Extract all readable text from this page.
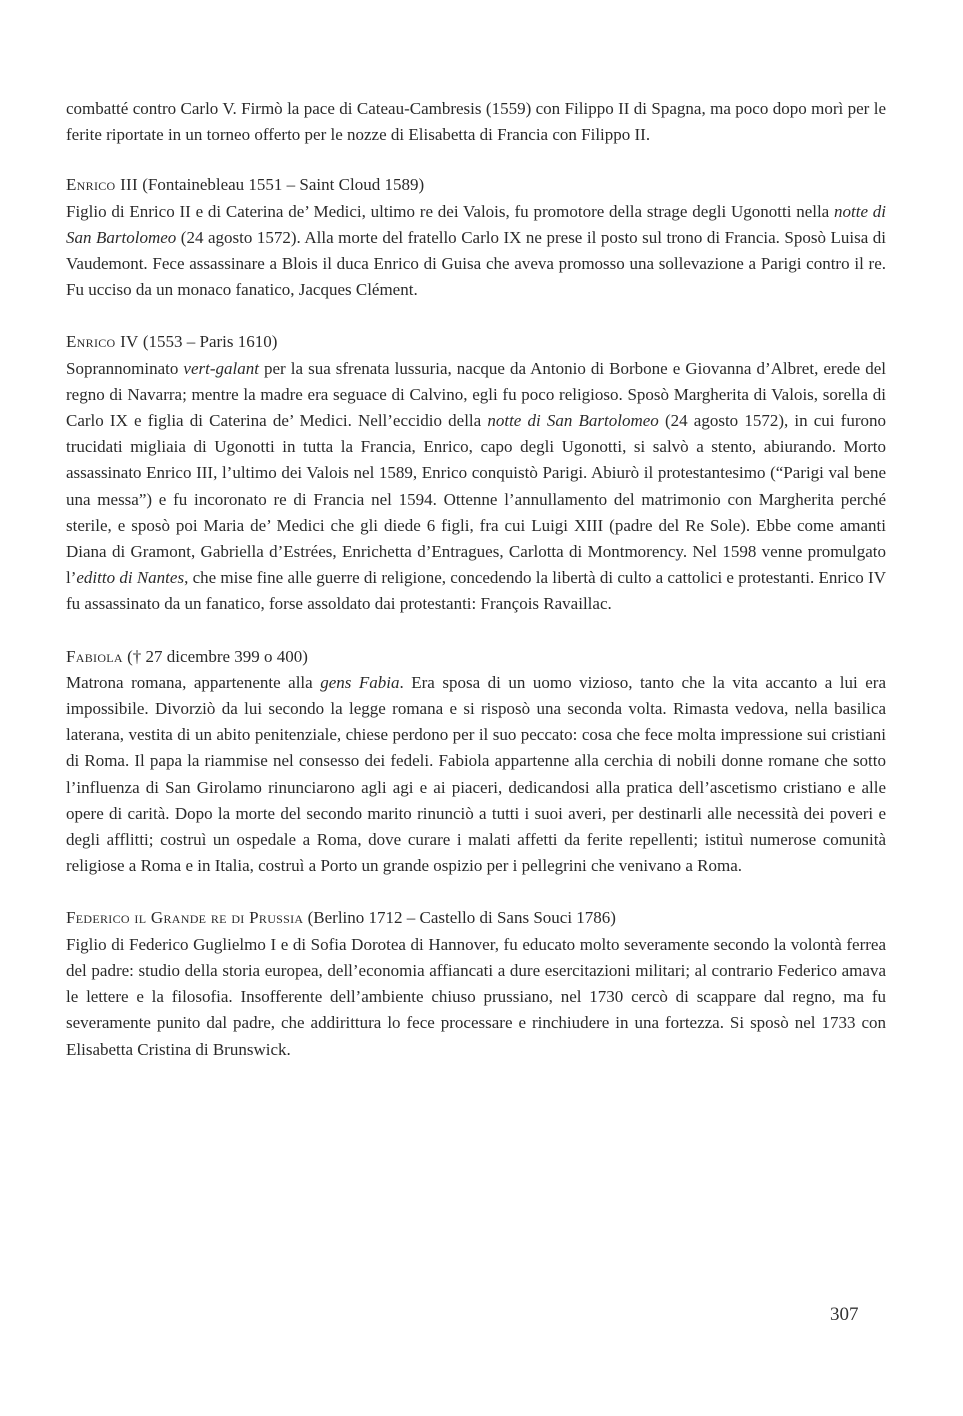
combatté contro Carlo V. Firmò la pace di Cateau-Cambresis (1559) con Filippo II di Spagna, ma poco dopo morì per le ferite riportate in un torneo offerto per le nozze di Elisabetta di Francia con Filippo II.

Enrico III (Fontainebleau 1551 – Saint Cloud 1589)

Figlio di Enrico II e di Caterina de’ Medici, ultimo re dei Valois, fu promotore della strage degli Ugonotti nella notte di San Bartolomeo (24 agosto 1572). Alla morte del fratello Carlo IX ne prese il posto sul trono di Francia. Sposò Luisa di Vaudemont. Fece assassinare a Blois il duca Enrico di Guisa che aveva promosso una sollevazione a Parigi contro il re. Fu ucciso da un monaco fanatico, Jacques Clément.

Enrico IV (1553 – Paris 1610)

Soprannominato vert-galant per la sua sfrenata lussuria, nacque da Antonio di Borbone e Giovanna d’Albret, erede del regno di Navarra; mentre la madre era seguace di Calvino, egli fu poco religioso. Sposò Margherita di Valois, sorella di Carlo IX e figlia di Caterina de’ Medici. Nell’eccidio della notte di San Bartolomeo (24 agosto 1572), in cui furono trucidati migliaia di Ugonotti in tutta la Francia, Enrico, capo degli Ugonotti, si salvò a stento, abiurando. Morto assassinato Enrico III, l’ultimo dei Valois nel 1589, Enrico conquistò Parigi. Abiurò il protestantesimo (“Parigi val bene una messa”) e fu incoronato re di Francia nel 1594. Ottenne l’annullamento del matrimonio con Margherita perché sterile, e sposò poi Maria de’ Medici che gli diede 6 figli, fra cui Luigi XIII (padre del Re Sole). Ebbe come amanti Diana di Gramont, Gabriella d’Estrées, Enrichetta d’Entragues, Carlotta di Montmorency. Nel 1598 venne promulgato l’editto di Nantes, che mise fine alle guerre di religione, concedendo la libertà di culto a cattolici e protestanti. Enrico IV fu assassinato da un fanatico, forse assoldato dai protestanti: François Ravaillac.

Fabiola († 27 dicembre 399 o 400)

Matrona romana, appartenente alla gens Fabia. Era sposa di un uomo vizioso, tanto che la vita accanto a lui era impossibile. Divorziò da lui secondo la legge romana e si risposò una seconda volta. Rimasta vedova, nella basilica laterana, vestita di un abito penitenziale, chiese perdono per il suo peccato: cosa che fece molta impressione sui cristiani di Roma. Il papa la riammise nel consesso dei fedeli. Fabiola appartenne alla cerchia di nobili donne romane che sotto l’influenza di San Girolamo rinunciarono agli agi e ai piaceri, dedicandosi alla pratica dell’ascetismo cristiano e alle opere di carità. Dopo la morte del secondo marito rinunciò a tutti i suoi averi, per destinarli alle necessità dei poveri e degli afflitti; costruì un ospedale a Roma, dove curare i malati affetti da ferite repellenti; istituì numerose comunità religiose a Roma e in Italia, costruì a Porto un grande ospizio per i pellegrini che venivano a Roma.

Federico il Grande re di Prussia (Berlino 1712 – Castello di Sans Souci 1786)

Figlio di Federico Guglielmo I e di Sofia Dorotea di Hannover, fu educato molto severamente secondo la volontà ferrea del padre: studio della storia europea, dell’economia affiancati a dure esercitazioni militari; al contrario Federico amava le lettere e la filosofia. Insofferente dell’ambiente chiuso prussiano, nel 1730 cercò di scappare dal regno, ma fu severamente punito dal padre, che addirittura lo fece processare e rinchiudere in una fortezza. Si sposò nel 1733 con Elisabetta Cristina di Brunswick.

307
